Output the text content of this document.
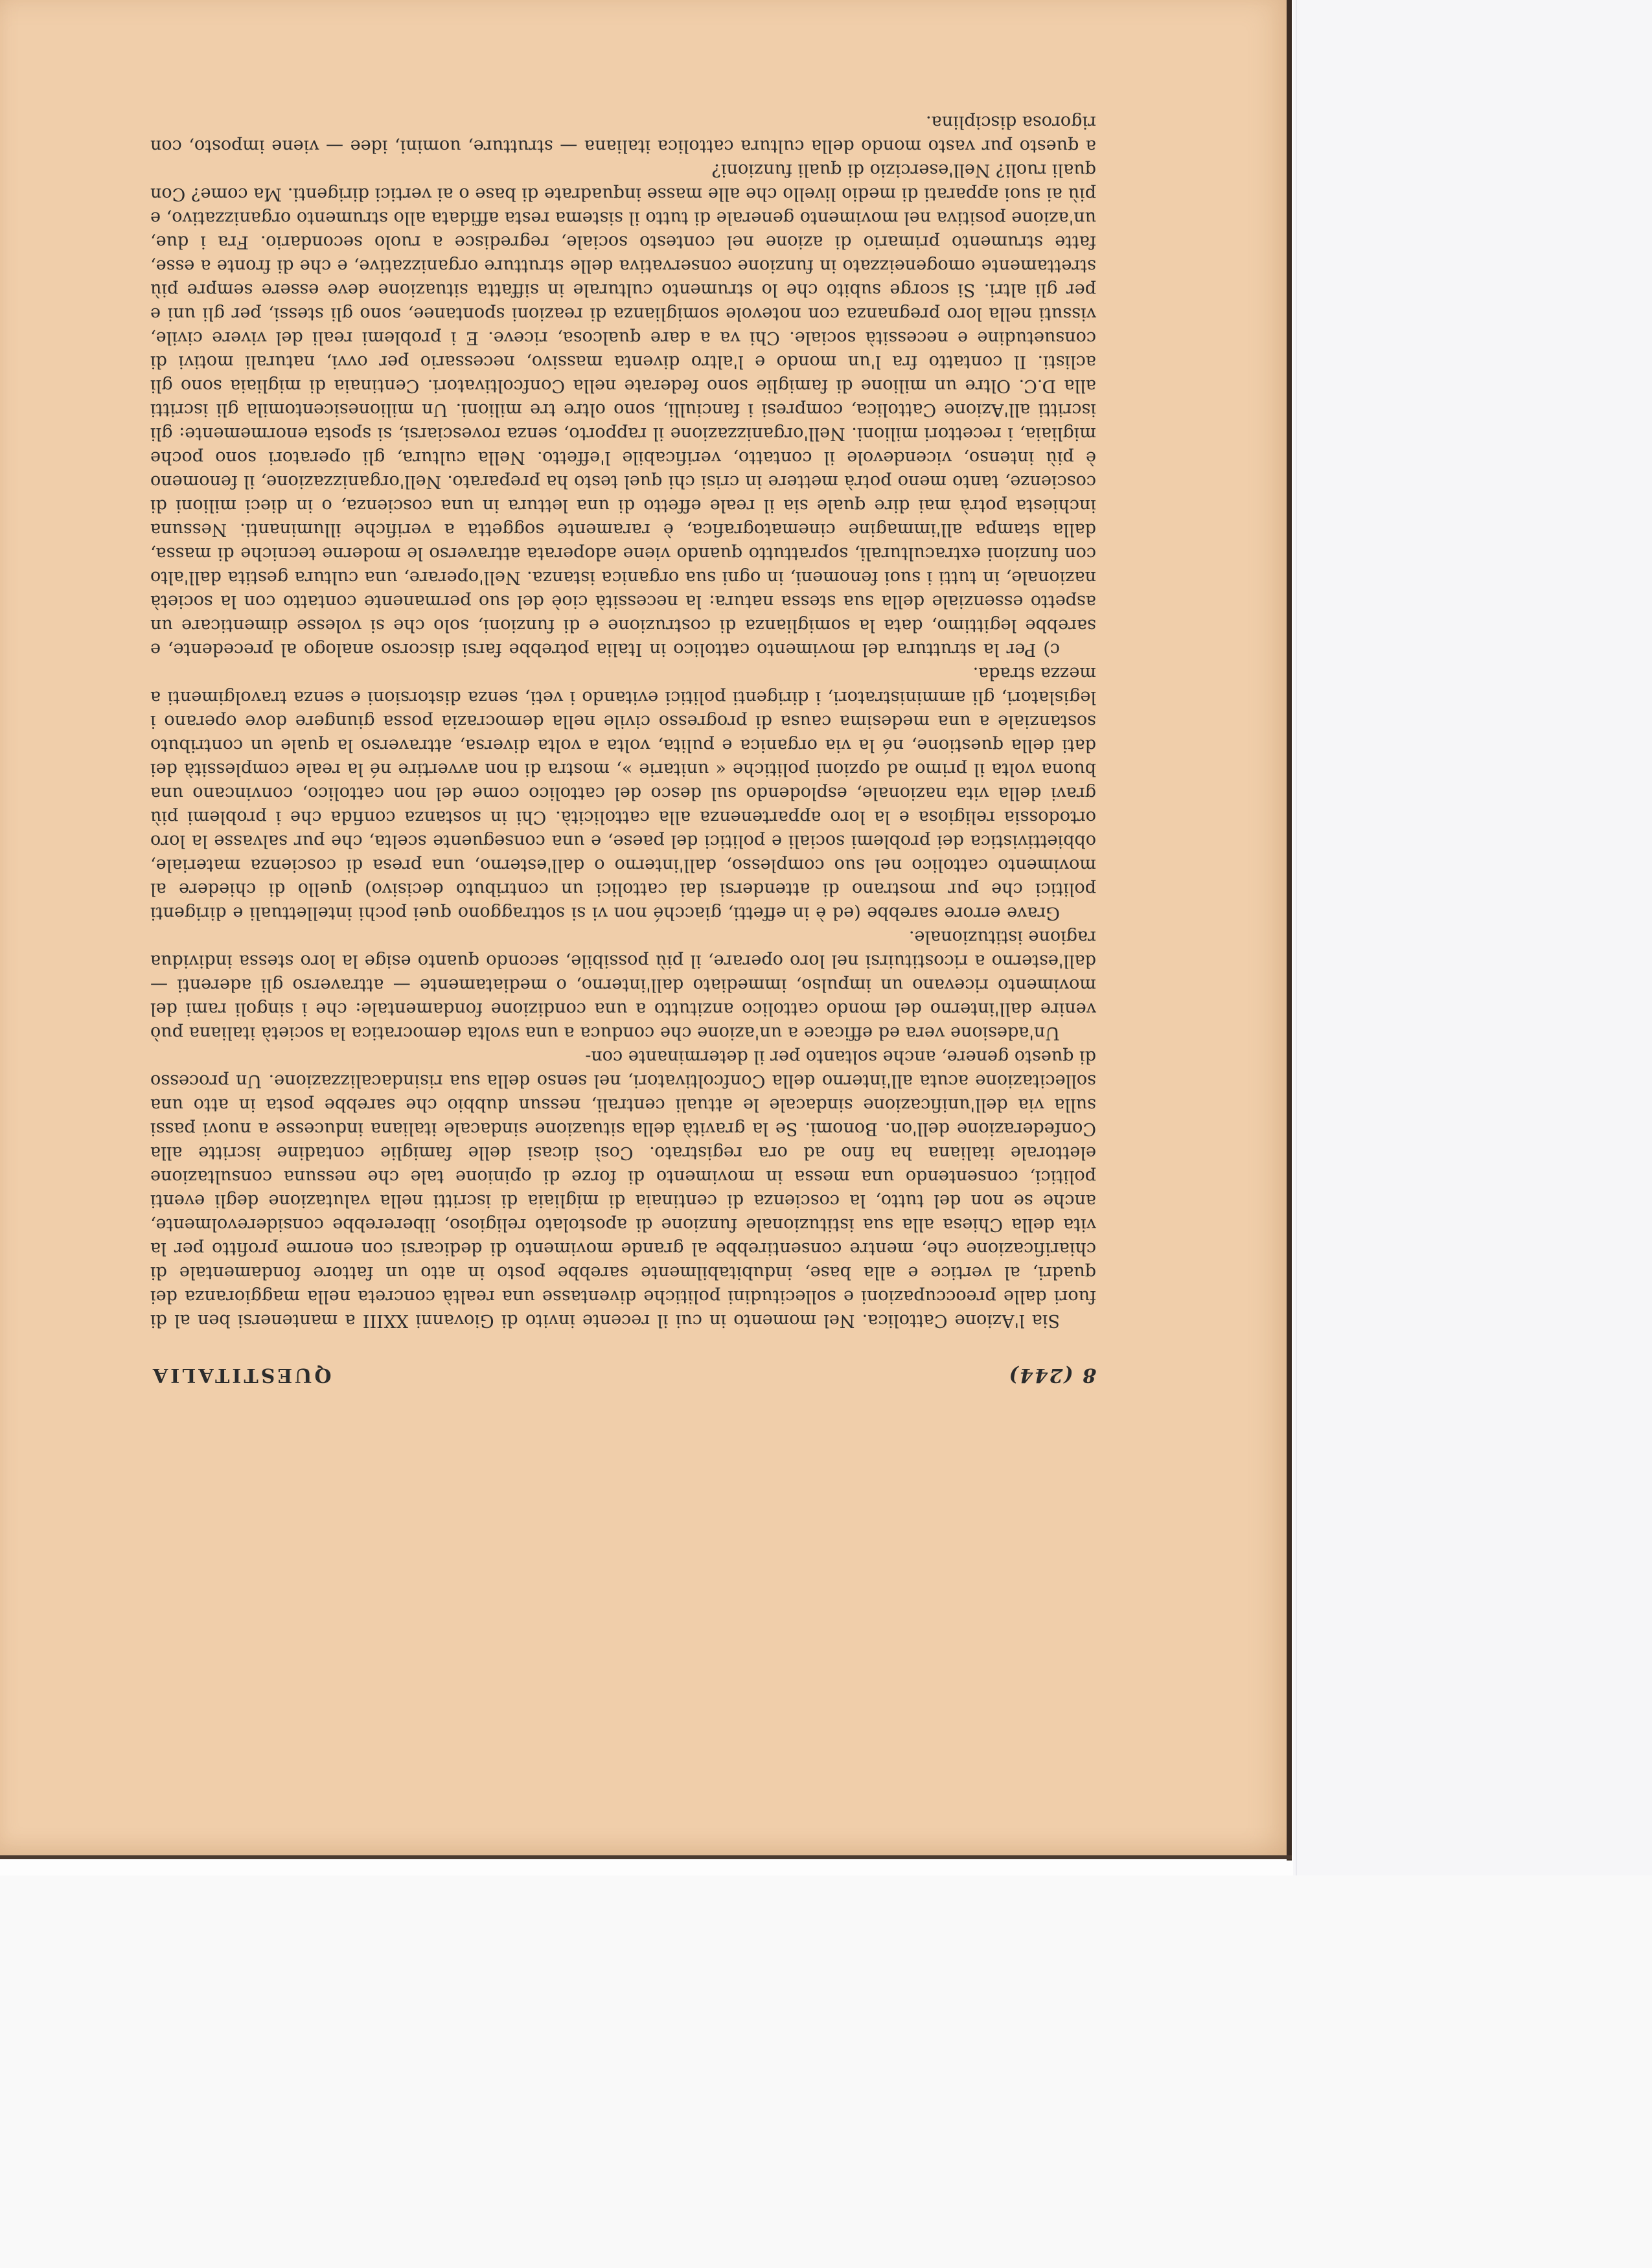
8 (244)
QUESTITALIA

Sia l'Azione Cattolica. Nel momento in cui il recente invito di Giovanni XXIII a mantenersi ben al di fuori dalle preoccupazioni e sollecitudini politiche diventasse una realtà concreta nella maggioranza dei quadri, al vertice e alla base, indubitabilmente sarebbe posto in atto un fattore fondamentale di chiarificazione che, mentre consentirebbe al grande movimento di dedicarsi con enorme profitto per la vita della Chiesa alla sua istituzionale funzione di apostolato religioso, libererebbe considerevolmente, anche se non del tutto, la coscienza di centinaia di migliaia di iscritti nella valutazione degli eventi politici, consentendo una messa in movimento di forze di opinione tale che nessuna consultazione elettorale italiana ha fino ad ora registrato. Così dicasi delle famiglie contadine iscritte alla Confederazione dell'on. Bonomi. Se la gravità della situazione sindacale italiana inducesse a nuovi passi sulla via dell'unificazione sindacale le attuali centrali, nessun dubbio che sarebbe posta in atto una sollecitazione acuta all'interno della Confcoltivatori, nel senso della sua risindacalizzazione. Un processo di questo genere, anche soltanto per il determinante con-

Un'adesione vera ed efficace a un'azione che conduca a una svolta democratica la società italiana può venire dall'interno del mondo cattolico anzitutto a una condizione fondamentale: che i singoli rami del movimento ricevano un impulso, immediato dall'interno, o mediatamente — attraverso gli aderenti — dall'esterno a ricostituirsi nel loro operare, il più possibile, secondo quanto esige la loro stessa individua ragione istituzionale.

Grave errore sarebbe (ed è in effetti, giacché non vi si sottraggono quei pochi intellettuali e dirigenti politici che pur mostrano di attendersi dai cattolici un contributo decisivo) quello di chiedere al movimento cattolico nel suo complesso, dall'interno o dall'esterno, una presa di coscienza materiale, obbiettivistica dei problemi sociali e politici del paese, e una conseguente scelta, che pur salvasse la loro ortodossia religiosa e la loro appartenenza alla cattolicità. Chi in sostanza confida che i problemi più gravi della vita nazionale, esplodendo sul desco del cattolico come del non cattolico, convincano una buona volta il primo ad opzioni politiche « unitarie », mostra di non avvertire né la reale complessità dei dati della questione, né la via organica e pulita, volta a volta diversa, attraverso la quale un contributo sostanziale a una medesima causa di progresso civile nella democrazia possa giungere dove operano i legislatori, gli amministratori, i dirigenti politici evitando i veti, senza distorsioni e senza travolgimenti a mezza strada.

c) Per la struttura del movimento cattolico in Italia potrebbe farsi discorso analogo al precedente, e sarebbe legittimo, data la somiglianza di costruzione e di funzioni, solo che si volesse dimenticare un aspetto essenziale della sua stessa natura: la necessità cioè del suo permanente contatto con la società nazionale, in tutti i suoi fenomeni, in ogni sua organica istanza. Nell'operare, una cultura gestita dall'alto con funzioni extraculturali, soprattutto quando viene adoperata attraverso le moderne tecniche di massa, dalla stampa all'immagine cinematografica, è raramente soggetta a verifiche illuminanti. Nessuna inchiesta potrà mai dire quale sia il reale effetto di una lettura in una coscienza, o in dieci milioni di coscienze, tanto meno potrà mettere in crisi chi quel testo ha preparato. Nell'organizzazione, il fenomeno è più intenso, vicendevole il contatto, verificabile l'effetto. Nella cultura, gli operatori sono poche migliaia, i recettori milioni. Nell'organizzazione il rapporto, senza rovesciarsi, si sposta enormemente: gli iscritti all'Azione Cattolica, compresi i fanciulli, sono oltre tre milioni. Un milionesicentomila gli iscritti alla D.C. Oltre un milione di famiglie sono federate nella Confcoltivatori. Centinaia di migliaia sono gli aclisti. Il contatto fra l'un mondo e l'altro diventa massivo, necessario per ovvi, naturali motivi di consuetudine e necessità sociale. Chi va a dare qualcosa, riceve. E i problemi reali del vivere civile, vissuti nella loro pregnanza con notevole somiglianza di reazioni spontanee, sono gli stessi, per gli uni e per gli altri. Si scorge subito che lo strumento culturale in siffatta situazione deve essere sempre più strettamente omogeneizzato in funzione conservativa delle strutture organizzative, e che di fronte a esse, fatte strumento primario di azione nel contesto sociale, regredisce a ruolo secondario. Fra i due, un'azione positiva nel movimento generale di tutto il sistema resta affidata allo strumento organizzativo, e più ai suoi apparati di medio livello che alle masse inquadrate di base o ai vertici dirigenti. Ma come? Con quali ruoli? Nell'esercizio di quali funzioni?

a questo pur vasto mondo della cultura cattolica italiana — strutture, uomini, idee — viene imposto, con rigorosa disciplina.
